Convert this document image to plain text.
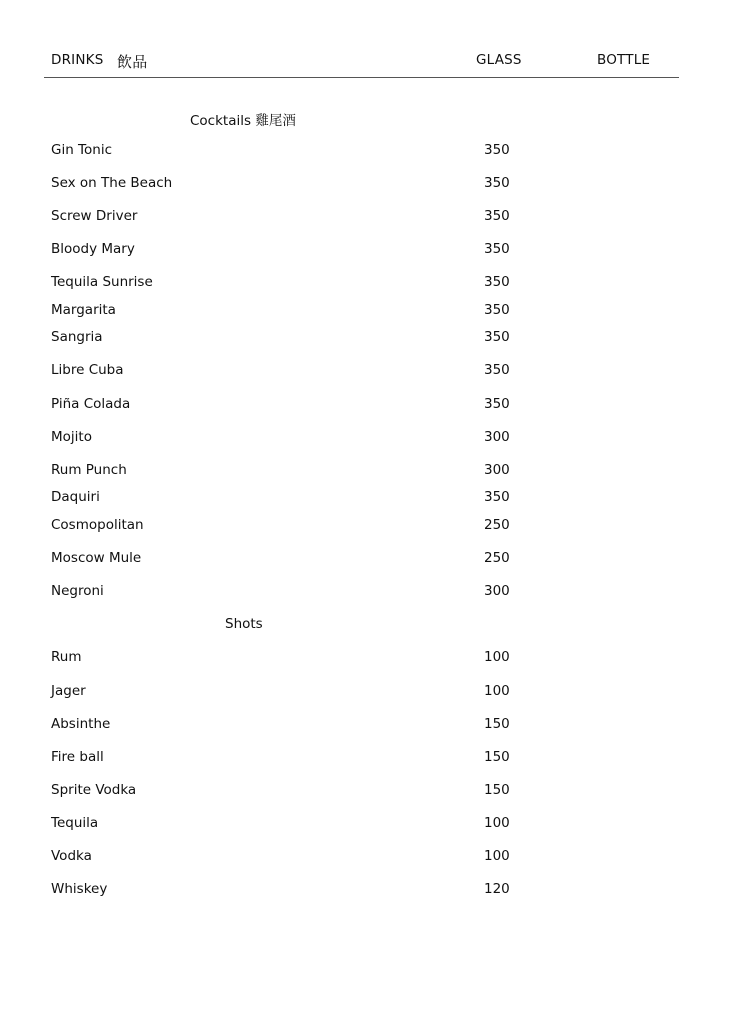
DRINKS 飲品	GLASS	BOTTLE
Cocktails 雞尾酒
Gin Tonic	350
Sex on The Beach	350
Screw Driver	350
Bloody Mary	350
Tequila Sunrise	350
Margarita	350
Sangria	350
Libre Cuba	350
Piña Colada	350
Mojito	300
Rum Punch	300
Daquiri	350
Cosmopolitan	250
Moscow Mule	250
Negroni	300
Shots
Rum	100
Jager	100
Absinthe	150
Fire ball	150
Sprite Vodka	150
Tequila	100
Vodka	100
Whiskey	120
